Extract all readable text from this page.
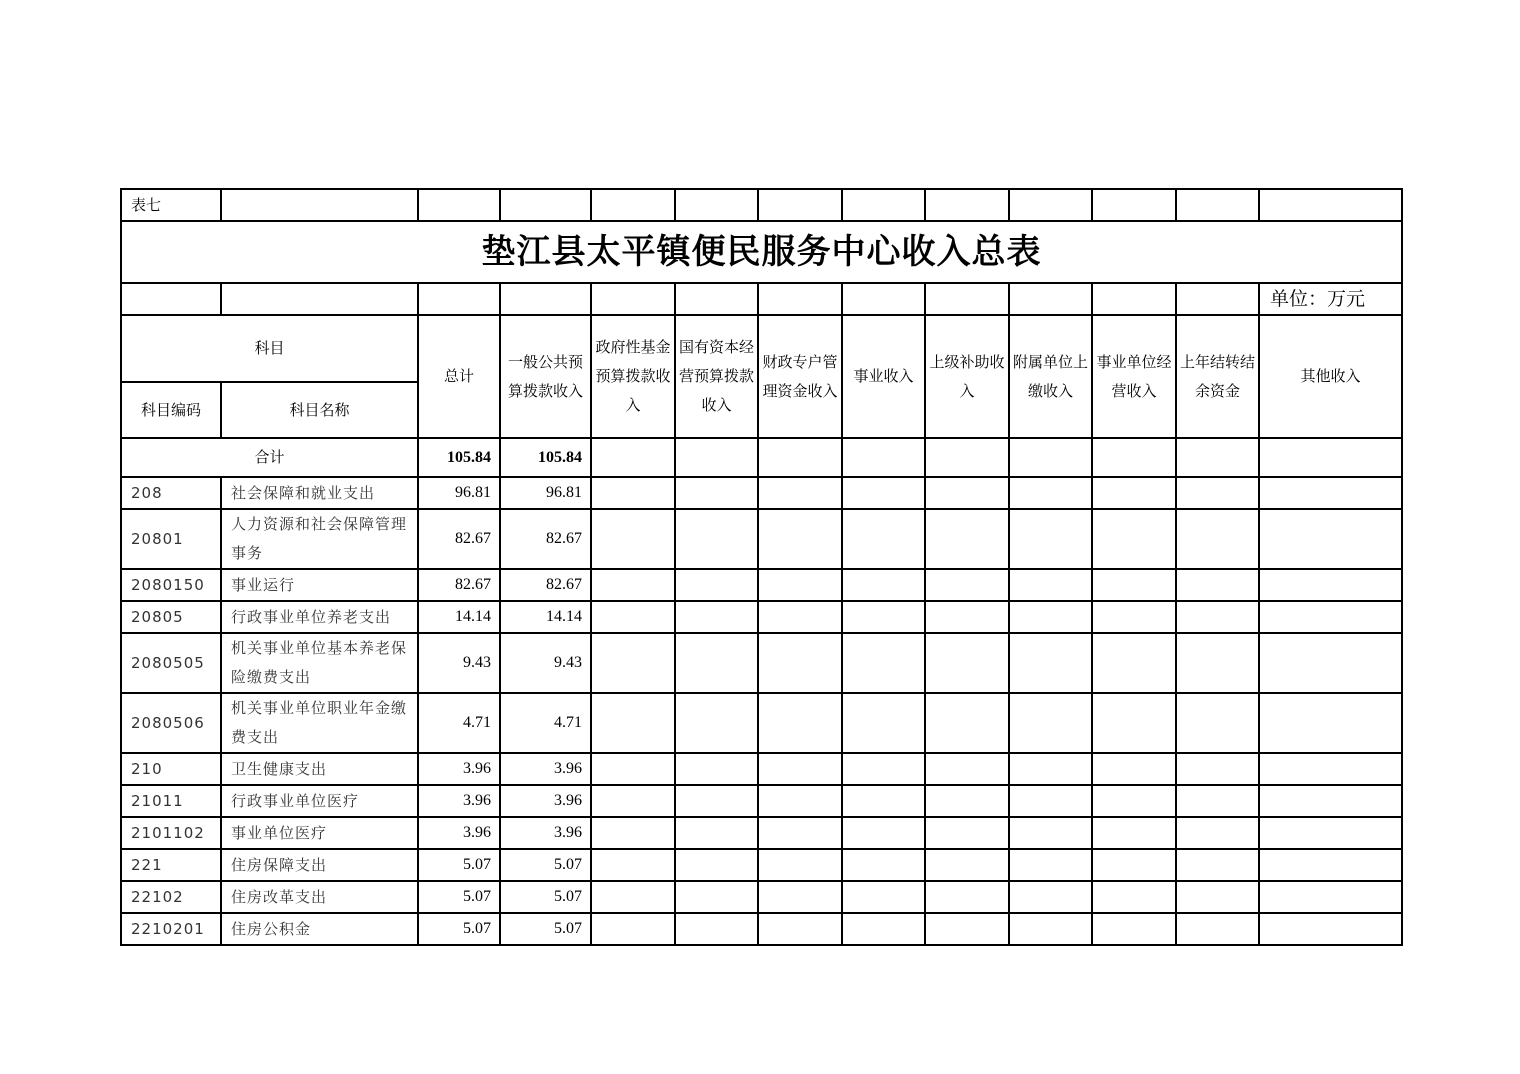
表七												
垫江县太平镇便民服务中心收入总表												
												单位：万元
科目		总计	一般公共预算拨款收入	政府性基金预算拨款收入	国有资本经营预算拨款收入	财政专户管理资金收入	事业收入	上级补助收入	附属单位上缴收入	事业单位经营收入	上年结转结余资金	其他收入
科目编码	科目名称											
合计		105.84	105.84									
208	社会保障和就业支出	96.81	96.81									
20801	人力资源和社会保障管理事务	82.67	82.67									
2080150	事业运行	82.67	82.67									
20805	行政事业单位养老支出	14.14	14.14									
2080505	机关事业单位基本养老保险缴费支出	9.43	9.43									
2080506	机关事业单位职业年金缴费支出	4.71	4.71									
210	卫生健康支出	3.96	3.96									
21011	行政事业单位医疗	3.96	3.96									
2101102	事业单位医疗	3.96	3.96									
221	住房保障支出	5.07	5.07									
22102	住房改革支出	5.07	5.07									
2210201	住房公积金	5.07	5.07									
